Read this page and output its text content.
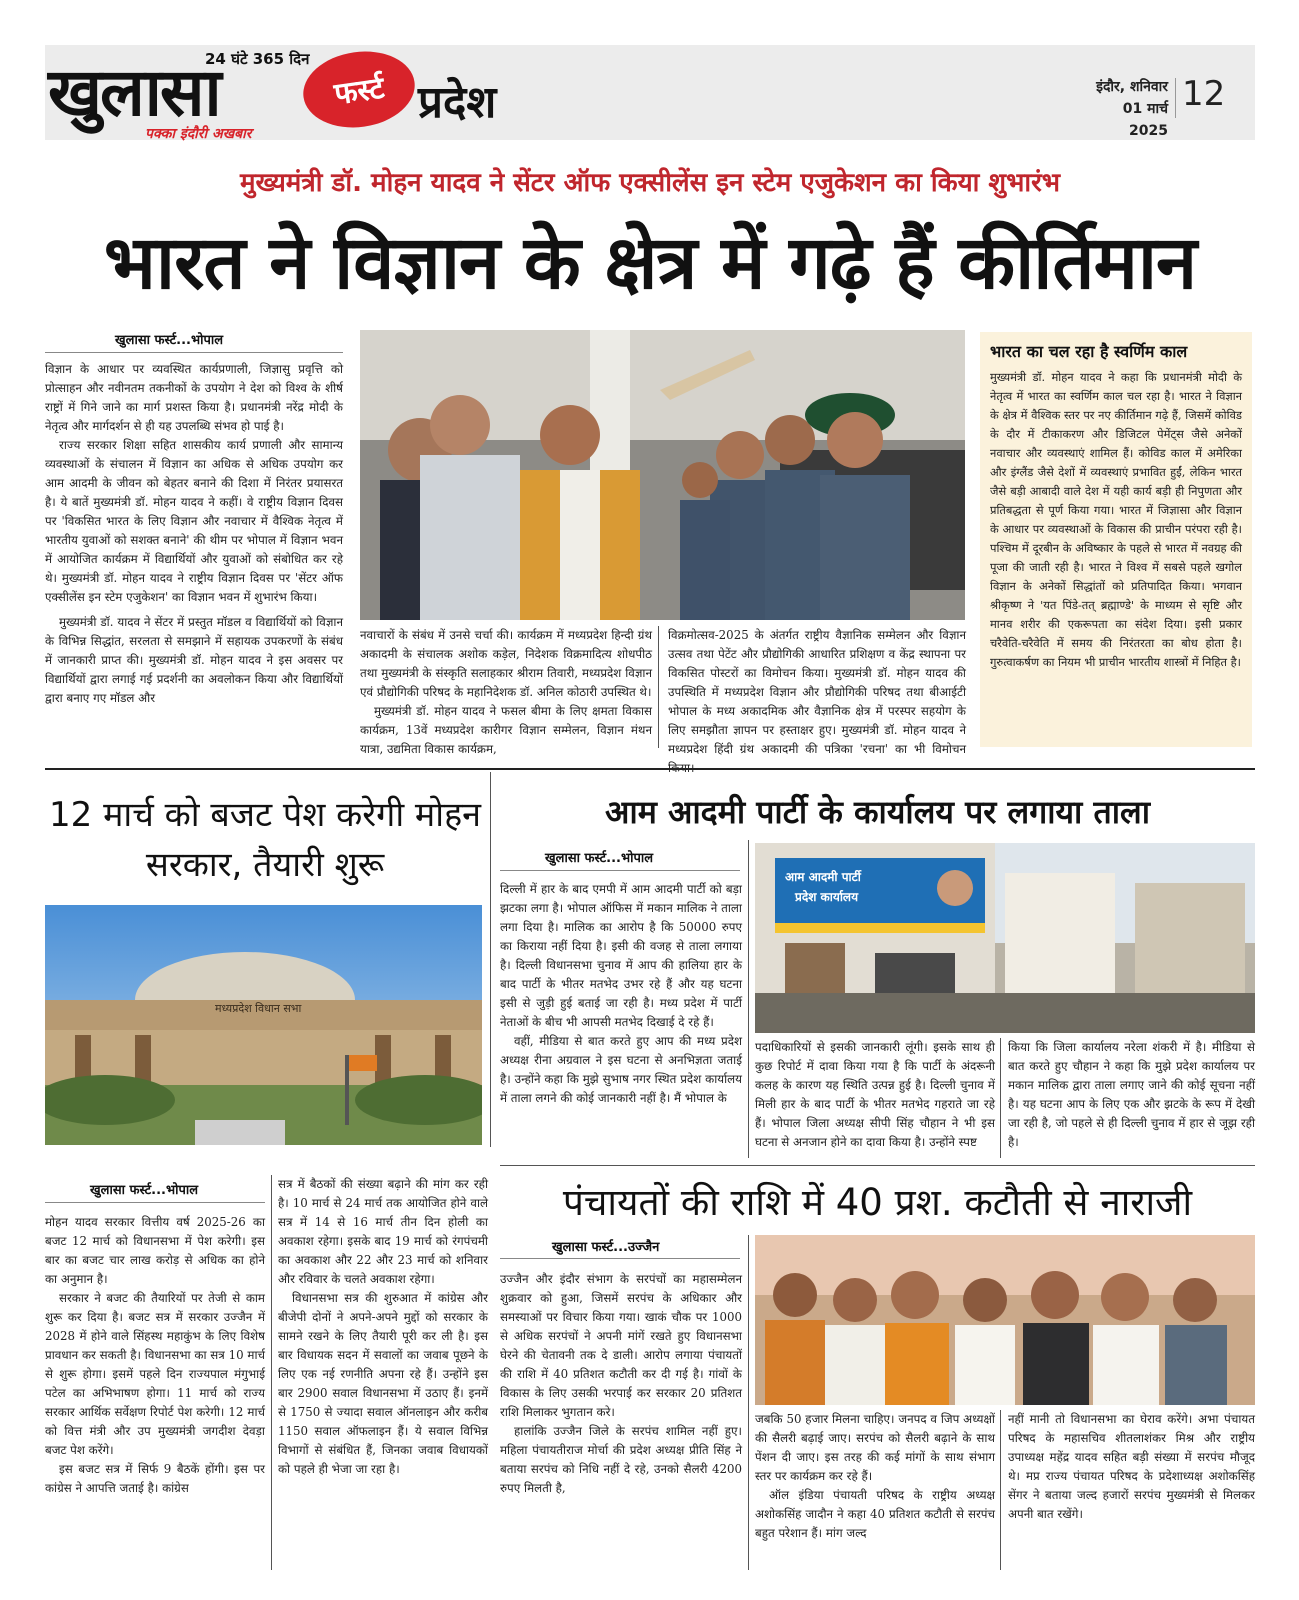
24 घंटे 365 दिन
खुलासा	फर्स्ट
पक्का इंदौरी अखबार
प्रदेश	इंदौर, शनिवार
01 मार्च 2025
12
मुख्यमंत्री डॉ. मोहन यादव ने सेंटर ऑफ एक्सीलेंस इन स्टेम एजुकेशन का किया शुभारंभ
भारत ने विज्ञान के क्षेत्र में गढ़े हैं कीर्तिमान
खुलासा फर्स्ट...भोपाल

विज्ञान के आधार पर व्यवस्थित कार्यप्रणाली, जिज्ञासु प्रवृत्ति को प्रोत्साहन और नवीनतम तकनीकों के उपयोग ने देश को विश्व के शीर्ष राष्ट्रों में गिने जाने का मार्ग प्रशस्त किया है। प्रधानमंत्री नरेंद्र मोदी के नेतृत्व और मार्गदर्शन से ही यह उपलब्धि संभव हो पाई है।

राज्य सरकार शिक्षा सहित शासकीय कार्य प्रणाली और सामान्य व्यवस्थाओं के संचालन में विज्ञान का अधिक से अधिक उपयोग कर आम आदमी के जीवन को बेहतर बनाने की दिशा में निरंतर प्रयासरत है। ये बातें मुख्यमंत्री डॉ. मोहन यादव ने कहीं। वे राष्ट्रीय विज्ञान दिवस पर 'विकसित भारत के लिए विज्ञान और नवाचार में वैश्विक नेतृत्व में भारतीय युवाओं को सशक्त बनाने' की थीम पर भोपाल में विज्ञान भवन में आयोजित कार्यक्रम में विद्यार्थियों और युवाओं को संबोधित कर रहे थे। मुख्यमंत्री डॉ. मोहन यादव ने राष्ट्रीय विज्ञान दिवस पर 'सेंटर ऑफ एक्सीलेंस इन स्टेम एजुकेशन' का विज्ञान भवन में शुभारंभ किया।

मुख्यमंत्री डॉ. यादव ने सेंटर में प्रस्तुत मॉडल व विद्यार्थियों को विज्ञान के विभिन्न सिद्धांत, सरलता से समझाने में सहायक उपकरणों के संबंध में जानकारी प्राप्त की। मुख्यमंत्री डॉ. मोहन यादव ने इस अवसर पर विद्यार्थियों द्वारा लगाई गई प्रदर्शनी का अवलोकन किया और विद्यार्थियों द्वारा बनाए गए मॉडल और

नवाचारों के संबंध में उनसे चर्चा की। कार्यक्रम में मध्यप्रदेश हिन्दी ग्रंथ अकादमी के संचालक अशोक कड़ेल, निदेशक विक्रमादित्य शोधपीठ तथा मुख्यमंत्री के संस्कृति सलाहकार श्रीराम तिवारी, मध्यप्रदेश विज्ञान एवं प्रौद्योगिकी परिषद के महानिदेशक डॉ. अनिल कोठारी उपस्थित थे।

मुख्यमंत्री डॉ. मोहन यादव ने फसल बीमा के लिए क्षमता विकास कार्यक्रम, 13वें मध्यप्रदेश कारीगर विज्ञान सम्मेलन, विज्ञान मंथन यात्रा, उद्यमिता विकास कार्यक्रम,

विक्रमोत्सव-2025 के अंतर्गत राष्ट्रीय वैज्ञानिक सम्मेलन और विज्ञान उत्सव तथा पेटेंट और प्रौद्योगिकी आधारित प्रशिक्षण व केंद्र स्थापना पर विकसित पोस्टरों का विमोचन किया। मुख्यमंत्री डॉ. मोहन यादव की उपस्थिति में मध्यप्रदेश विज्ञान और प्रौद्योगिकी परिषद तथा बीआईटी भोपाल के मध्य अकादमिक और वैज्ञानिक क्षेत्र में परस्पर सहयोग के लिए समझौता ज्ञापन पर हस्ताक्षर हुए। मुख्यमंत्री डॉ. मोहन यादव ने मध्यप्रदेश हिंदी ग्रंथ अकादमी की पत्रिका 'रचना' का भी विमोचन

भारत का चल रहा है स्वर्णिम काल
मुख्यमंत्री डॉ. मोहन यादव ने कहा कि प्रधानमंत्री मोदी के नेतृत्व में भारत का स्वर्णिम काल चल रहा है। भारत ने विज्ञान के क्षेत्र में वैश्विक स्तर पर नए कीर्तिमान गढ़े हैं, जिसमें कोविड के दौर में टीकाकरण और डिजिटल पेमेंट्स जैसे अनेकों नवाचार और व्यवस्थाएं शामिल हैं। कोविड काल में अमेरिका और इंग्लैंड जैसे देशों में व्यवस्थाएं प्रभावित हुईं, लेकिन भारत जैसे बड़ी आबादी वाले देश में यही कार्य बड़ी ही निपुणता और प्रतिबद्धता से पूर्ण किया गया। भारत में जिज्ञासा और विज्ञान के आधार पर व्यवस्थाओं के विकास की प्राचीन परंपरा रही है। पश्चिम में दूरबीन के अविष्कार के पहले से भारत में नवग्रह की पूजा की जाती रही है। भारत ने विश्व में सबसे पहले खगोल विज्ञान के अनेकों सिद्धांतों को प्रतिपादित किया। भगवान श्रीकृष्ण ने 'यत पिंडे-तत् ब्रह्माण्डे' के माध्यम से सृष्टि और मानव शरीर की एकरूपता का संदेश दिया। इसी प्रकार चरैवेति-चरैवेति में समय की निरंतरता का बोध होता है। गुरुत्वाकर्षण का नियम भी प्राचीन भारतीय शास्त्रों में निहित है।
12 मार्च को बजट पेश करेगी मोहन सरकार, तैयारी शुरू
मध्यप्रदेश विधान सभा
खुलासा फर्स्ट...भोपाल

मोहन यादव सरकार वित्तीय वर्ष 2025-26 का बजट 12 मार्च को विधानसभा में पेश करेगी। इस बार का बजट चार लाख करोड़ से अधिक का होने का अनुमान है।

सरकार ने बजट की तैयारियों पर तेजी से काम शुरू कर दिया है। बजट सत्र में सरकार उज्जैन में 2028 में होने वाले सिंहस्थ महाकुंभ के लिए विशेष प्रावधान कर सकती है। विधानसभा का सत्र 10 मार्च से शुरू होगा। इसमें पहले दिन राज्यपाल मंगुभाई पटेल का अभिभाषण होगा। 11 मार्च को राज्य सरकार आर्थिक सर्वेक्षण रिपोर्ट पेश करेगी। 12 मार्च को वित्त मंत्री और उप मुख्यमंत्री जगदीश देवड़ा बजट पेश करेंगे।

इस बजट सत्र में सिर्फ 9 बैठकें होंगी। इस पर कांग्रेस ने आपत्ति जताई है। कांग्रेस

सत्र में बैठकों की संख्या बढ़ाने की मांग कर रही है। 10 मार्च से 24 मार्च तक आयोजित होने वाले सत्र में 14 से 16 मार्च तीन दिन होली का अवकाश रहेगा। इसके बाद 19 मार्च को रंगपंचमी का अवकाश और 22 और 23 मार्च को शनिवार और रविवार के चलते अवकाश रहेगा।

विधानसभा सत्र की शुरुआत में कांग्रेस और बीजेपी दोनों ने अपने-अपने मुद्दों को सरकार के सामने रखने के लिए तैयारी पूरी कर ली है। इस बार विधायक सदन में सवालों का जवाब पूछने के लिए एक नई रणनीति अपना रहे हैं। उन्होंने इस बार 2900 सवाल विधानसभा में उठाए हैं। इनमें से 1750 से ज्यादा सवाल ऑनलाइन और करीब 1150 सवाल ऑफलाइन हैं। ये सवाल विभिन्न विभागों से संबंधित हैं, जिनका जवाब विधायकों को पहले ही भेजा जा रहा है।

आम आदमी पार्टी के कार्यालय पर लगाया ताला
खुलासा फर्स्ट...भोपाल

दिल्ली में हार के बाद एमपी में आम आदमी पार्टी को बड़ा झटका लगा है। भोपाल ऑफिस में मकान मालिक ने ताला लगा दिया है। मालिक का आरोप है कि 50000 रुपए का किराया नहीं दिया है। इसी की वजह से ताला लगाया है। दिल्ली विधानसभा चुनाव में आप की हालिया हार के बाद पार्टी के भीतर मतभेद उभर रहे हैं और यह घटना इसी से जुड़ी हुई बताई जा रही है। मध्य प्रदेश में पार्टी नेताओं के बीच भी आपसी मतभेद दिखाई दे रहे हैं।

वहीं, मीडिया से बात करते हुए आप की मध्य प्रदेश अध्यक्ष रीना अग्रवाल ने इस घटना से अनभिज्ञता जताई है। उन्होंने कहा कि मुझे सुभाष नगर स्थित प्रदेश कार्यालय में ताला लगने की कोई जानकारी नहीं है। मैं भोपाल के

आम आदमी पार्टी
प्रदेश कार्यालय

पदाधिकारियों से इसकी जानकारी लूंगी। इसके साथ ही कुछ रिपोर्ट में दावा किया गया है कि पार्टी के अंदरूनी कलह के कारण यह स्थिति उत्पन्न हुई है। दिल्ली चुनाव में मिली हार के बाद पार्टी के भीतर मतभेद गहराते जा रहे हैं। भोपाल जिला अध्यक्ष सीपी सिंह चौहान ने भी इस घटना से अनजान होने का दावा किया है। उन्होंने स्पष्ट

किया कि जिला कार्यालय नरेला शंकरी में है। मीडिया से बात करते हुए चौहान ने कहा कि मुझे प्रदेश कार्यालय पर मकान मालिक द्वारा ताला लगाए जाने की कोई सूचना नहीं है। यह घटना आप के लिए एक और झटके के रूप में देखी जा रही है, जो पहले से ही दिल्ली चुनाव में हार से जूझ रही है।

पंचायतों की राशि में 40 प्रश. कटौती से नाराजी
खुलासा फर्स्ट...उज्जैन

उज्जैन और इंदौर संभाग के सरपंचों का महासम्मेलन शुक्रवार को हुआ, जिसमें सरपंच के अधिकार और समस्याओं पर विचार किया गया। खाकं चौक पर 1000 से अधिक सरपंचों ने अपनी मांगें रखते हुए विधानसभा घेरने की चेतावनी तक दे डाली। आरोप लगाया पंचायतों की राशि में 40 प्रतिशत कटौती कर दी गई है। गांवों के विकास के लिए उसकी भरपाई कर सरकार 20 प्रतिशत राशि मिलाकर भुगतान करे।

हालांकि उज्जैन जिले के सरपंच शामिल नहीं हुए। महिला पंचायतीराज मोर्चा की प्रदेश अध्यक्ष प्रीति सिंह ने बताया सरपंच को निधि नहीं दे रहे, उनको सैलरी 4200 रुपए मिलती है,

जबकि 50 हजार मिलना चाहिए। जनपद व जिप अध्यक्षों की सैलरी बढ़ाई जाए। सरपंच को सैलरी बढ़ाने के साथ पेंशन दी जाए। इस तरह की कई मांगों के साथ संभाग स्तर पर कार्यक्रम कर रहे हैं।

ऑल इंडिया पंचायती परिषद के राष्ट्रीय अध्यक्ष अशोकसिंह जादौन ने कहा 40 प्रतिशत कटौती से सरपंच बहुत परेशान हैं। मांग जल्द

नहीं मानी तो विधानसभा का घेराव करेंगे। अभा पंचायत परिषद के महासचिव शीतलाशंकर मिश्र और राष्ट्रीय उपाध्यक्ष महेंद्र यादव सहित बड़ी संख्या में सरपंच मौजूद थे। मप्र राज्य पंचायत परिषद के प्रदेशाध्यक्ष अशोकसिंह सेंगर ने बताया जल्द हजारों सरपंच मुख्यमंत्री से मिलकर अपनी बात रखेंगे।
